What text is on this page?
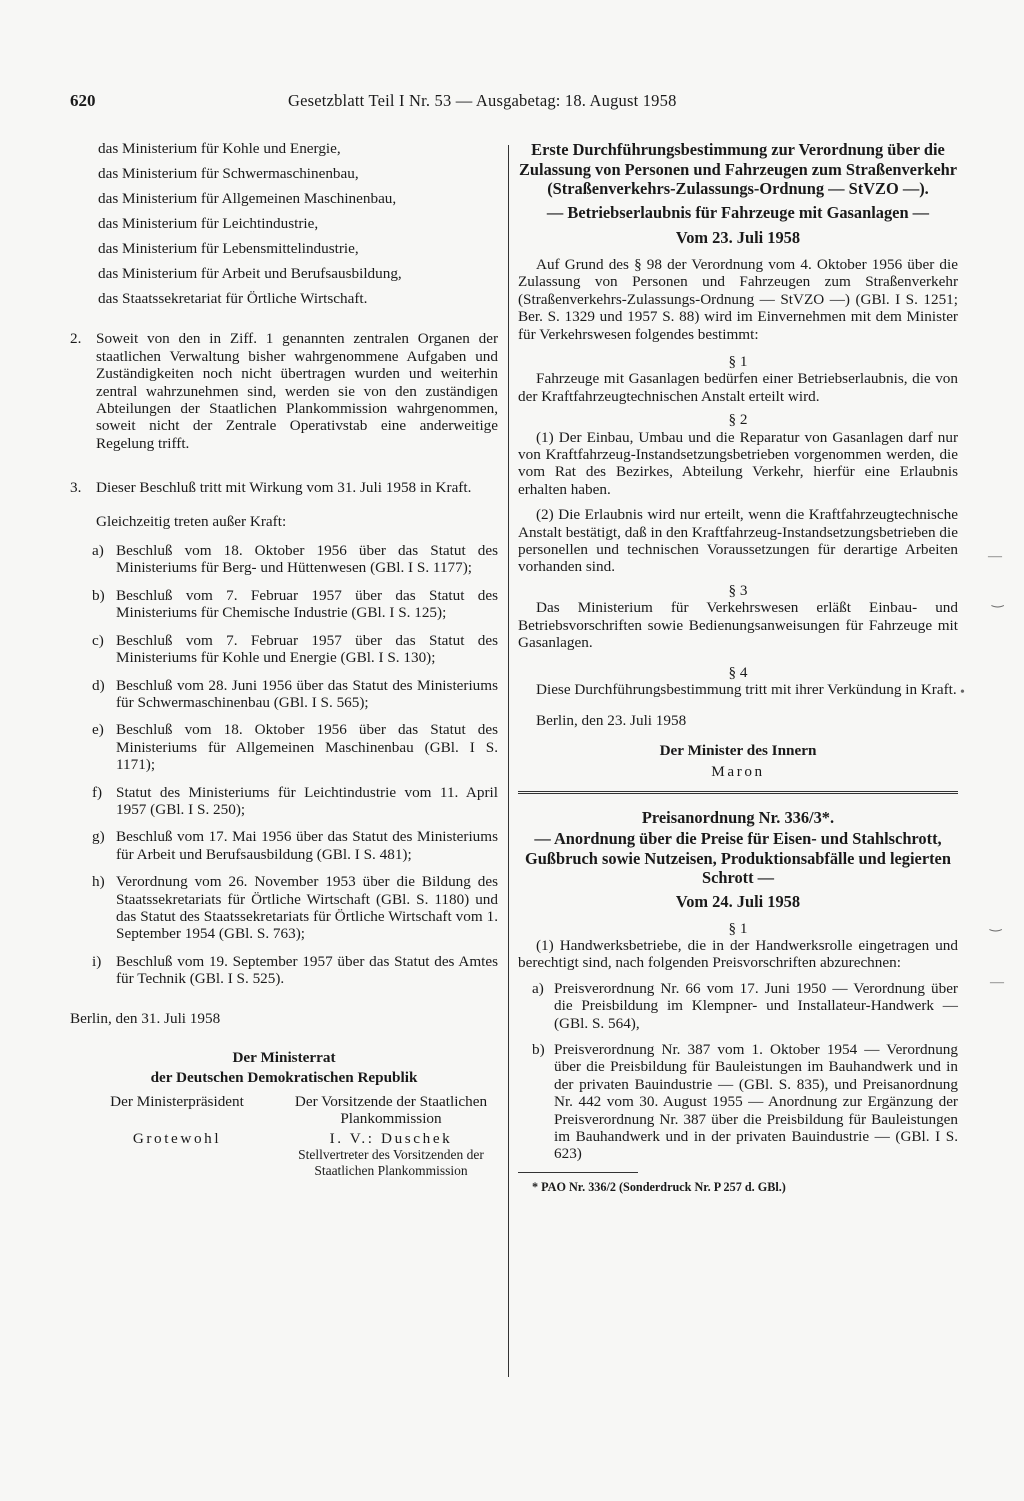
620	Gesetzblatt Teil I Nr. 53 — Ausgabetag: 18. August 1958
das Ministerium für Kohle und Energie,
das Ministerium für Schwermaschinenbau,
das Ministerium für Allgemeinen Maschinenbau,
das Ministerium für Leichtindustrie,
das Ministerium für Lebensmittelindustrie,
das Ministerium für Arbeit und Berufsausbildung,
das Staatssekretariat für Örtliche Wirtschaft.
2. Soweit von den in Ziff. 1 genannten zentralen Organen der staatlichen Verwaltung bisher wahrgenommene Aufgaben und Zuständigkeiten noch nicht übertragen wurden und weiterhin zentral wahrzunehmen sind, werden sie von den zuständigen Abteilungen der Staatlichen Plankommission wahrgenommen, soweit nicht der Zentrale Operativstab eine anderweitige Regelung trifft.
3. Dieser Beschluß tritt mit Wirkung vom 31. Juli 1958 in Kraft.
Gleichzeitig treten außer Kraft:
a) Beschluß vom 18. Oktober 1956 über das Statut des Ministeriums für Berg- und Hüttenwesen (GBl. I S. 1177);
b) Beschluß vom 7. Februar 1957 über das Statut des Ministeriums für Chemische Industrie (GBl. I S. 125);
c) Beschluß vom 7. Februar 1957 über das Statut des Ministeriums für Kohle und Energie (GBl. I S. 130);
d) Beschluß vom 28. Juni 1956 über das Statut des Ministeriums für Schwermaschinenbau (GBl. I S. 565);
e) Beschluß vom 18. Oktober 1956 über das Statut des Ministeriums für Allgemeinen Maschinenbau (GBl. I S. 1171);
f) Statut des Ministeriums für Leichtindustrie vom 11. April 1957 (GBl. I S. 250);
g) Beschluß vom 17. Mai 1956 über das Statut des Ministeriums für Arbeit und Berufsausbildung (GBl. I S. 481);
h) Verordnung vom 26. November 1953 über die Bildung des Staatssekretariats für Örtliche Wirtschaft (GBl. S. 1180) und das Statut des Staatssekretariats für Örtliche Wirtschaft vom 1. September 1954 (GBl. S. 763);
i) Beschluß vom 19. September 1957 über das Statut des Amtes für Technik (GBl. I S. 525).
Berlin, den 31. Juli 1958
Der Ministerrat
der Deutschen Demokratischen Republik
Der Ministerpräsident
Grotewohl
Der Vorsitzende der Staatlichen Plankommission
I. V.: Duschek
Stellvertreter des Vorsitzenden der Staatlichen Plankommission
Erste Durchführungsbestimmung zur Verordnung über die Zulassung von Personen und Fahrzeugen zum Straßenverkehr (Straßenverkehrs-Zulassungs-Ordnung — StVZO —).
— Betriebserlaubnis für Fahrzeuge mit Gasanlagen —
Vom 23. Juli 1958
Auf Grund des § 98 der Verordnung vom 4. Oktober 1956 über die Zulassung von Personen und Fahrzeugen zum Straßenverkehr (Straßenverkehrs-Zulassungs-Ordnung — StVZO —) (GBl. I S. 1251; Ber. S. 1329 und 1957 S. 88) wird im Einvernehmen mit dem Minister für Verkehrswesen folgendes bestimmt:
§ 1
Fahrzeuge mit Gasanlagen bedürfen einer Betriebserlaubnis, die von der Kraftfahrzeugtechnischen Anstalt erteilt wird.
§ 2
(1) Der Einbau, Umbau und die Reparatur von Gasanlagen darf nur von Kraftfahrzeug-Instandsetzungsbetrieben vorgenommen werden, die vom Rat des Bezirkes, Abteilung Verkehr, hierfür eine Erlaubnis erhalten haben.
(2) Die Erlaubnis wird nur erteilt, wenn die Kraftfahrzeugtechnische Anstalt bestätigt, daß in den Kraftfahrzeug-Instandsetzungsbetrieben die personellen und technischen Voraussetzungen für derartige Arbeiten vorhanden sind.
§ 3
Das Ministerium für Verkehrswesen erläßt Einbau- und Betriebsvorschriften sowie Bedienungsanweisungen für Fahrzeuge mit Gasanlagen.
§ 4
Diese Durchführungsbestimmung tritt mit ihrer Verkündung in Kraft.
Berlin, den 23. Juli 1958
Der Minister des Innern
Maron
Preisanordnung Nr. 336/3*.
— Anordnung über die Preise für Eisen- und Stahlschrott, Gußbruch sowie Nutzeisen, Produktionsabfälle und legierten Schrott —
Vom 24. Juli 1958
§ 1
(1) Handwerksbetriebe, die in der Handwerksrolle eingetragen und berechtigt sind, nach folgenden Preisvorschriften abzurechnen:
a) Preisverordnung Nr. 66 vom 17. Juni 1950 — Verordnung über die Preisbildung im Klempner- und Installateur-Handwerk — (GBl. S. 564),
b) Preisverordnung Nr. 387 vom 1. Oktober 1954 — Verordnung über die Preisbildung für Bauleistungen im Bauhandwerk und in der privaten Bauindustrie — (GBl. S. 835), und Preisanordnung Nr. 442 vom 30. August 1955 — Anordnung zur Ergänzung der Preisverordnung Nr. 387 über die Preisbildung für Bauleistungen im Bauhandwerk und in der privaten Bauindustrie — (GBl. I S. 623)
* PAO Nr. 336/2 (Sonderdruck Nr. P 257 d. GBl.)
—
‿
•
‿
—
